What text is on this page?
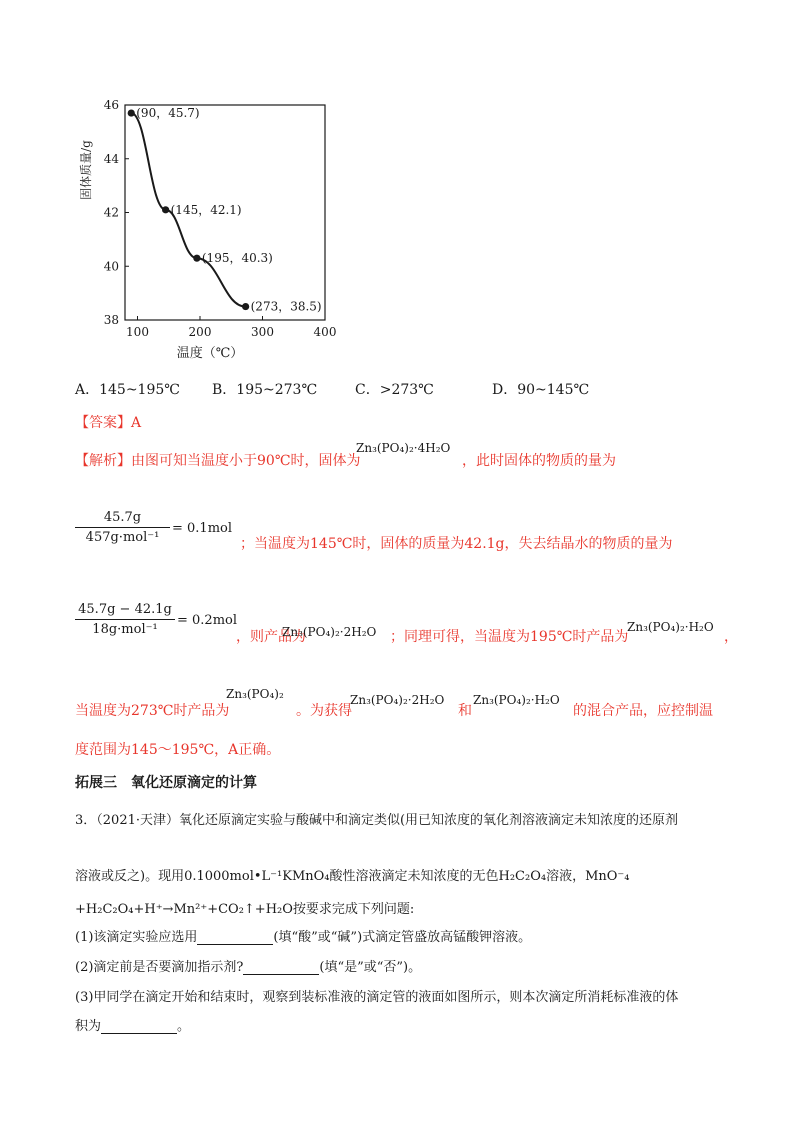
固体质量/g
温度（℃）
100	200	300	400
38
40
42
44
46
(90，45.7)
(145，42.1)
(195，40.3)
(273，38.5)
A．145~195℃ B．195~273℃	C．>273℃	D．90~145℃
【答案】A
【解析】由图可知当温度小于90℃时，固体为
Zn₃(PO₄)₂·4H₂O
，此时固体的物质的量为
45.7g
457g·mol⁻¹
= 0.1mol
；当温度为145℃时，固体的质量为42.1g，失去结晶水的物质的量为
45.7g − 42.1g
18g·mol⁻¹
= 0.2mol
，则产品为
Zn₃(PO₄)₂·2H₂O ；同理可得，当温度为195℃时产品为
Zn₃(PO₄)₂·H₂O
，
当温度为273℃时产品为
Zn₃(PO₄)₂
。为获得
Zn₃(PO₄)₂·2H₂O
和
Zn₃(PO₄)₂·H₂O
的混合产品，应控制温
度范围为145～195℃，A正确。
拓展三　氧化还原滴定的计算
3．（2021·天津）氧化还原滴定实验与酸碱中和滴定类似(用已知浓度的氧化剂溶液滴定未知浓度的还原剂
溶液或反之)。现用0.1000mol•L⁻¹KMnO₄酸性溶液滴定未知浓度的无色H₂C₂O₄溶液，MnO⁻₄
+H₂C₂O₄+H⁺→Mn²⁺+CO₂↑+H₂O按要求完成下列问题:
(1)该滴定实验应选用	(填“酸”或“碱”)式滴定管盛放高锰酸钾溶液。
(2)滴定前是否要滴加指示剂?	(填“是”或“否”)。
(3)甲同学在滴定开始和结束时，观察到装标准液的滴定管的液面如图所示，则本次滴定所消耗标准液的体
积为	。
